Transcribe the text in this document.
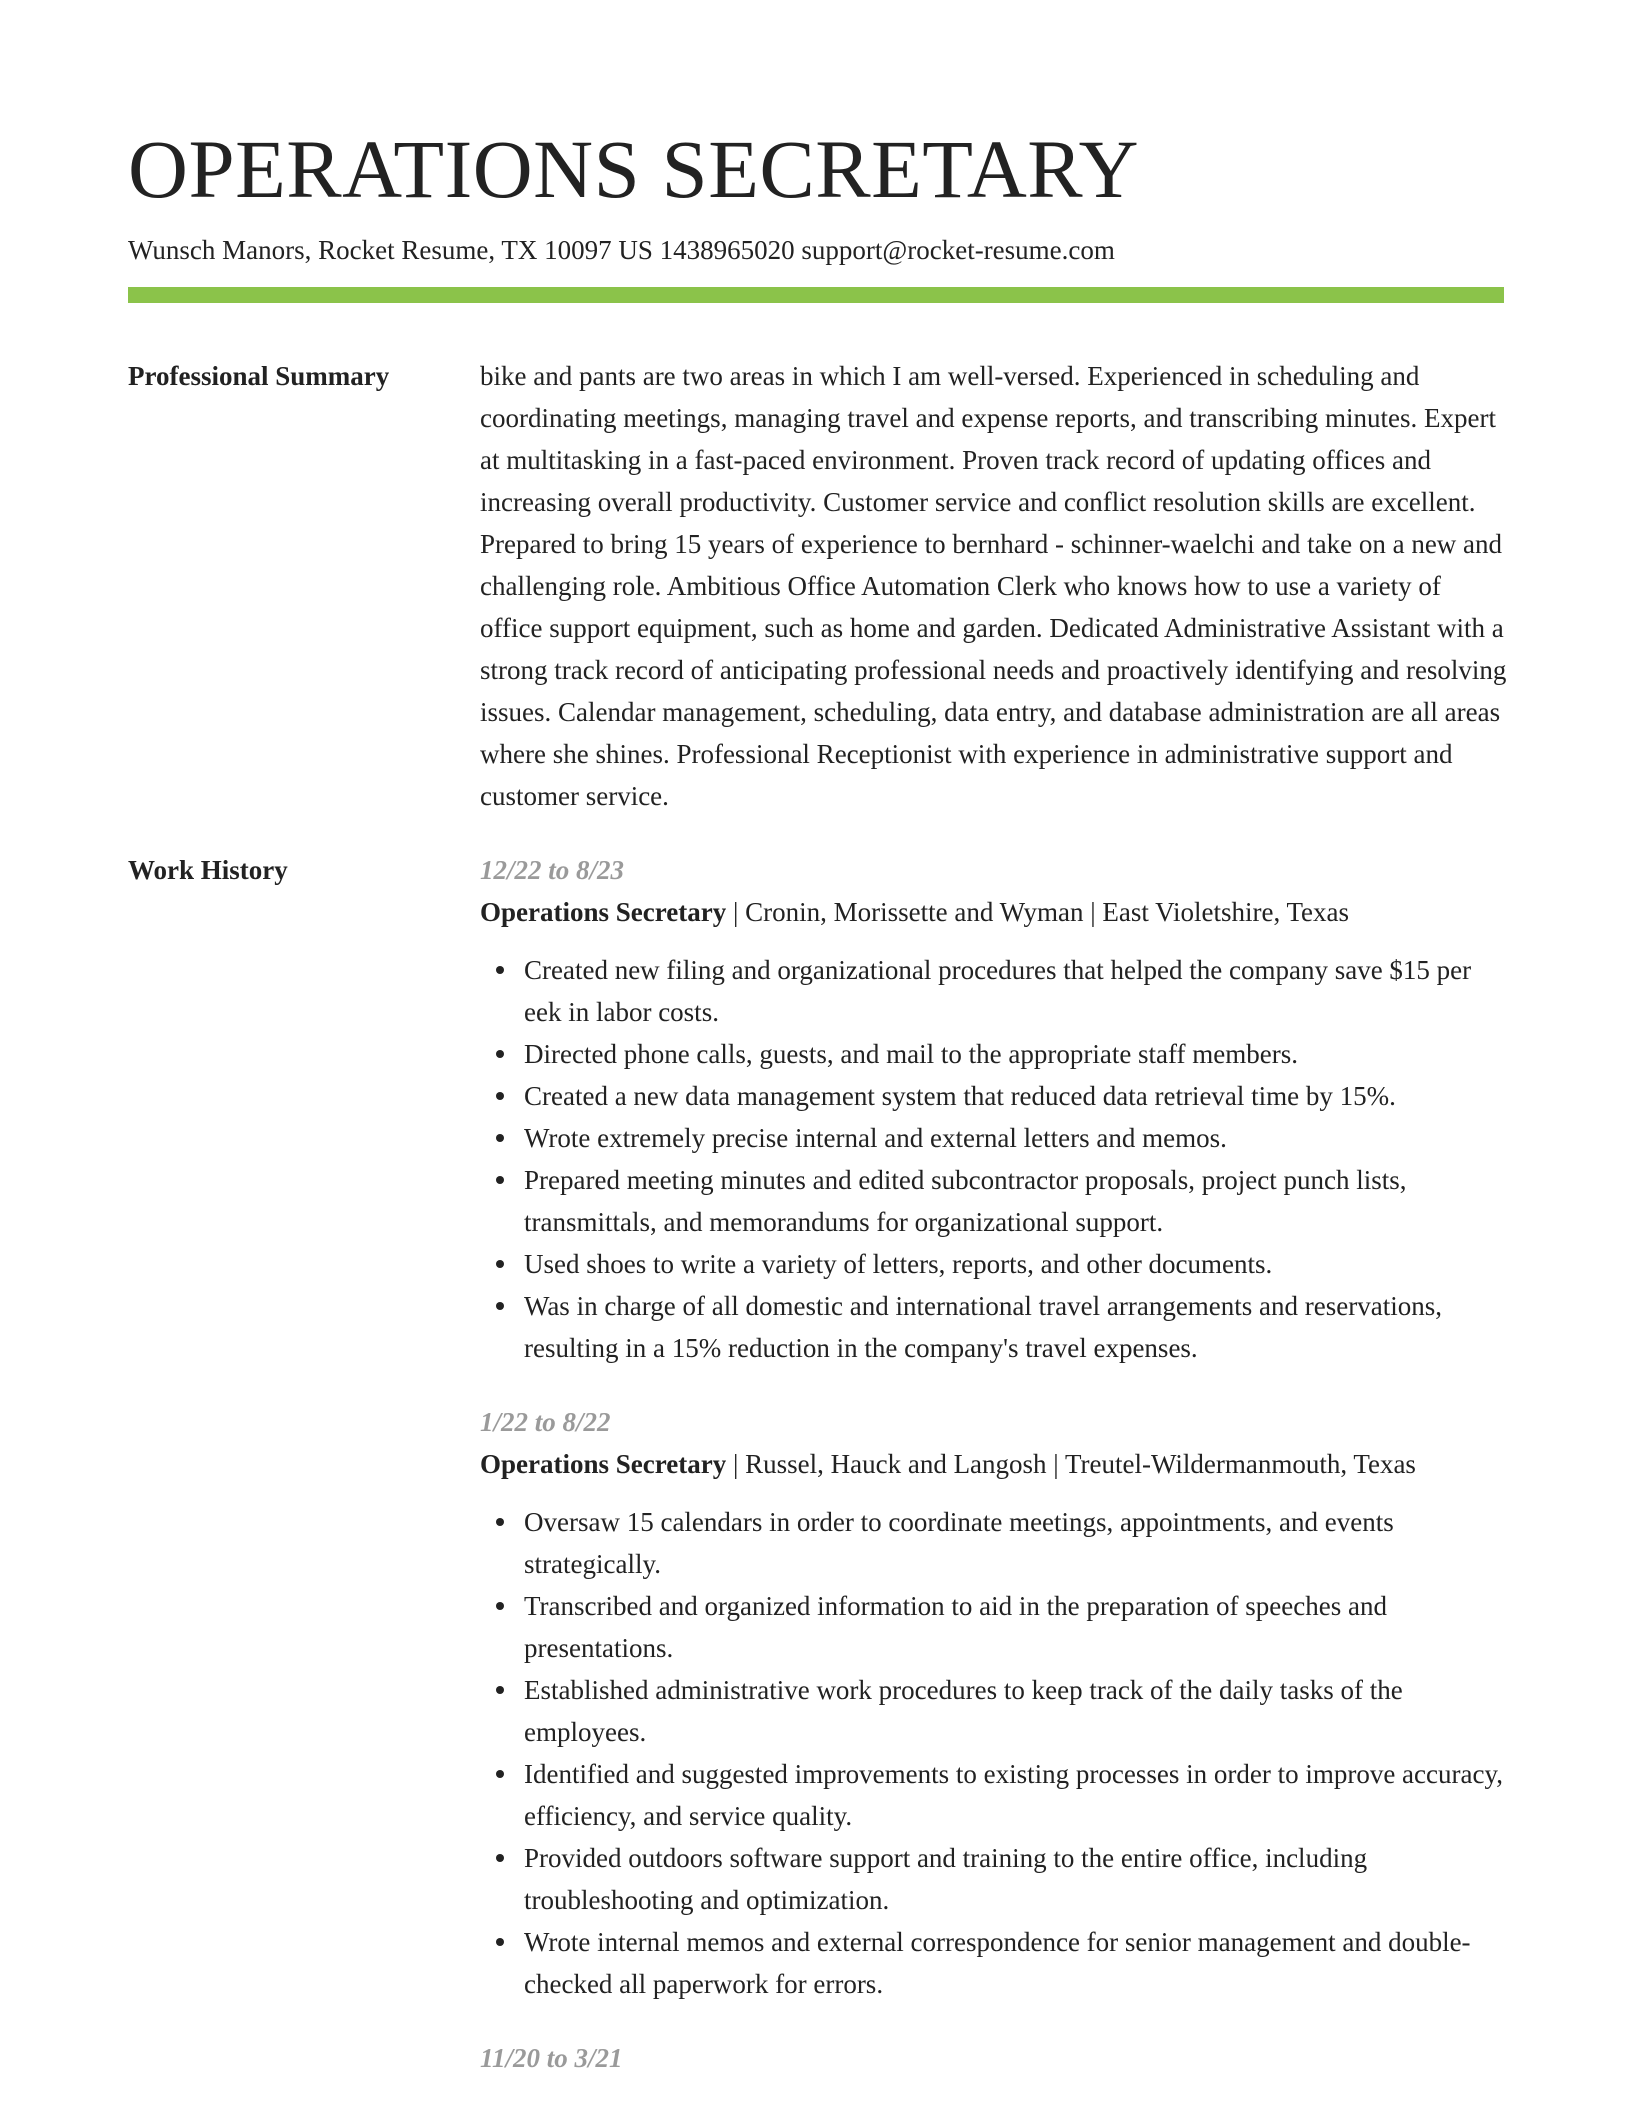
OPERATIONS SECRETARY
Wunsch Manors, Rocket Resume, TX 10097 US 1438965020 support@rocket-resume.com
Professional Summary	bike and pants are two areas in which I am well-versed. Experienced in scheduling and coordinating meetings, managing travel and expense reports, and transcribing minutes. Expert at multitasking in a fast-paced environment. Proven track record of updating offices and increasing overall productivity. Customer service and conflict resolution skills are excellent. Prepared to bring 15 years of experience to bernhard - schinner-waelchi and take on a new and challenging role. Ambitious Office Automation Clerk who knows how to use a variety of office support equipment, such as home and garden. Dedicated Administrative Assistant with a strong track record of anticipating professional needs and proactively identifying and resolving issues. Calendar management, scheduling, data entry, and database administration are all areas where she shines. Professional Receptionist with experience in administrative support and customer service.

Work History	12/22 to 8/23
Operations Secretary | Cronin, Morissette and Wyman | East Violetshire, Texas
Created new filing and organizational procedures that helped the company save $15 per eek in labor costs.
Directed phone calls, guests, and mail to the appropriate staff members.
Created a new data management system that reduced data retrieval time by 15%.
Wrote extremely precise internal and external letters and memos.
Prepared meeting minutes and edited subcontractor proposals, project punch lists, transmittals, and memorandums for organizational support.
Used shoes to write a variety of letters, reports, and other documents.
Was in charge of all domestic and international travel arrangements and reservations, resulting in a 15% reduction in the company's travel expenses.
1/22 to 8/22
Operations Secretary | Russel, Hauck and Langosh | Treutel-Wildermanmouth, Texas
Oversaw 15 calendars in order to coordinate meetings, appointments, and events strategically.
Transcribed and organized information to aid in the preparation of speeches and presentations.
Established administrative work procedures to keep track of the daily tasks of the employees.
Identified and suggested improvements to existing processes in order to improve accuracy, efficiency, and service quality.
Provided outdoors software support and training to the entire office, including troubleshooting and optimization.
Wrote internal memos and external correspondence for senior management and double-checked all paperwork for errors.
11/20 to 3/21
